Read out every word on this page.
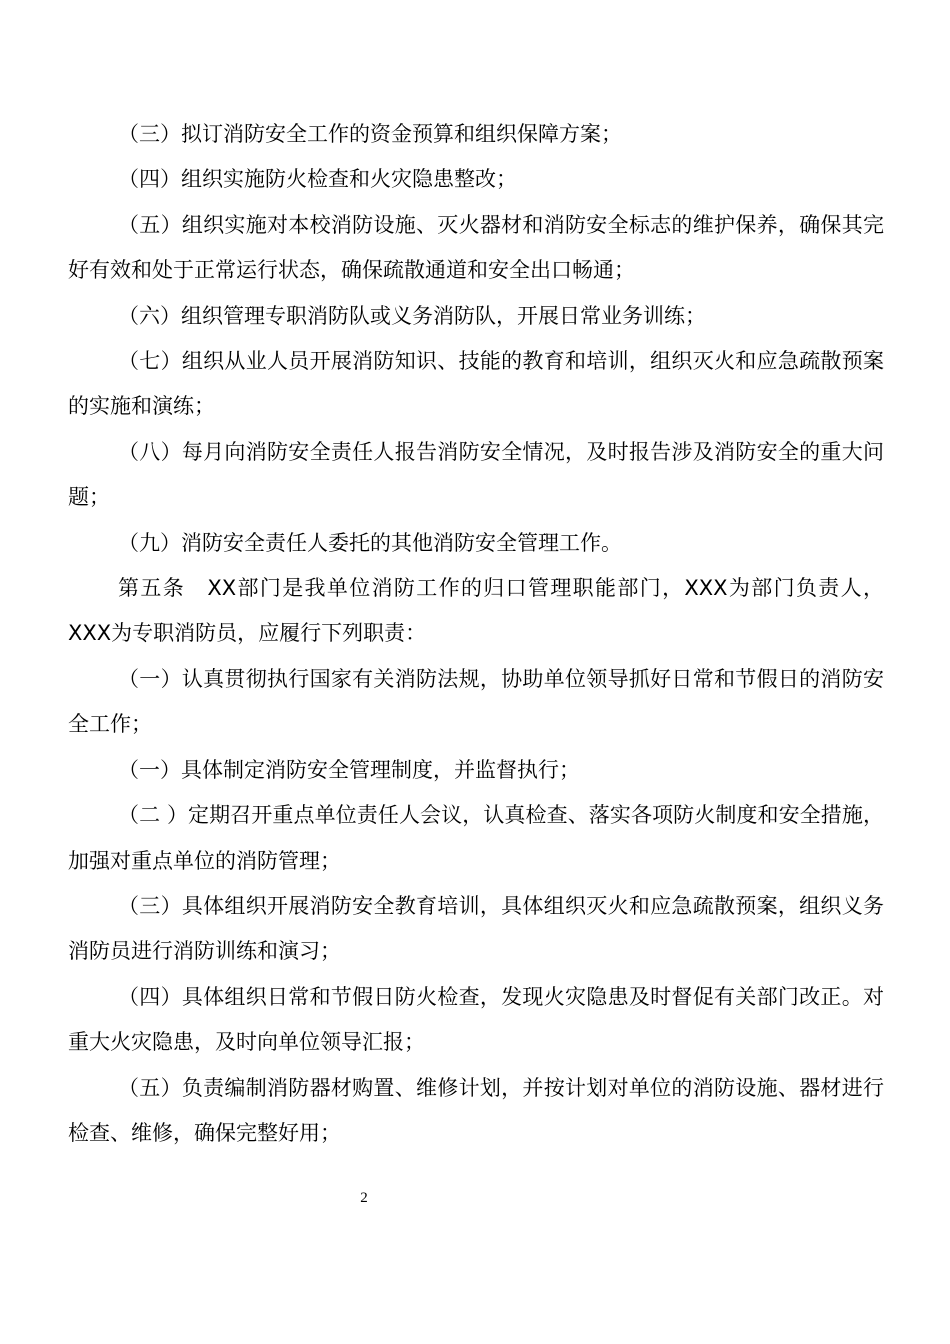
（三）拟订消防安全工作的资金预算和组织保障方案；

（四）组织实施防火检查和火灾隐患整改；

（五）组织实施对本校消防设施、灭火器材和消防安全标志的维护保养，确保其完好有效和处于正常运行状态，确保疏散通道和安全出口畅通；

（六）组织管理专职消防队或义务消防队，开展日常业务训练；

（七）组织从业人员开展消防知识、技能的教育和培训，组织灭火和应急疏散预案的实施和演练；

（八）每月向消防安全责任人报告消防安全情况，及时报告涉及消防安全的重大问题；

（九）消防安全责任人委托的其他消防安全管理工作。

第五条　XX部门是我单位消防工作的归口管理职能部门，XXX为部门负责人，XXX为专职消防员，应履行下列职责：

（一）认真贯彻执行国家有关消防法规，协助单位领导抓好日常和节假日的消防安全工作；

（一）具体制定消防安全管理制度，并监督执行；

（二 ）定期召开重点单位责任人会议，认真检查、落实各项防火制度和安全措施，加强对重点单位的消防管理；

（三）具体组织开展消防安全教育培训，具体组织灭火和应急疏散预案，组织义务消防员进行消防训练和演习；

（四）具体组织日常和节假日防火检查，发现火灾隐患及时督促有关部门改正。对重大火灾隐患，及时向单位领导汇报；

（五）负责编制消防器材购置、维修计划，并按计划对单位的消防设施、器材进行检查、维修，确保完整好用；

2
